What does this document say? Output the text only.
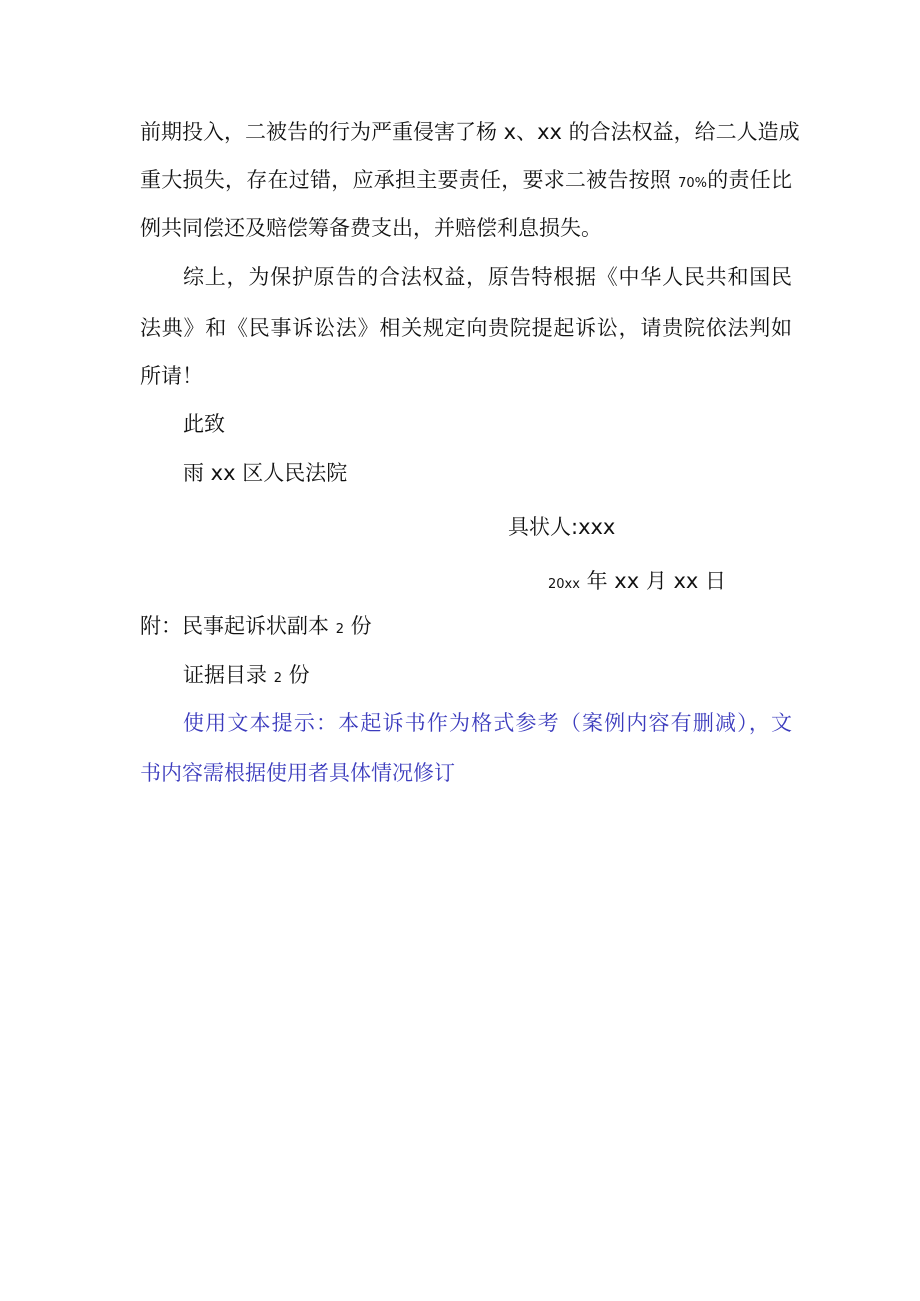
前期投入，二被告的行为严重侵害了杨 x、xx 的合法权益，给二人造成
重大损失，存在过错，应承担主要责任，要求二被告按照 70%的责任比
例共同偿还及赔偿筹备费支出，并赔偿利息损失。
综上，为保护原告的合法权益，原告特根据《中华人民共和国民
法典》和《民事诉讼法》相关规定向贵院提起诉讼，请贵院依法判如
所请！
此致
雨 xx 区人民法院
具状人:xxx
20xx 年 xx 月 xx 日
附：民事起诉状副本 2 份
证据目录 2 份
使用文本提示：本起诉书作为格式参考（案例内容有删减），文
书内容需根据使用者具体情况修订
